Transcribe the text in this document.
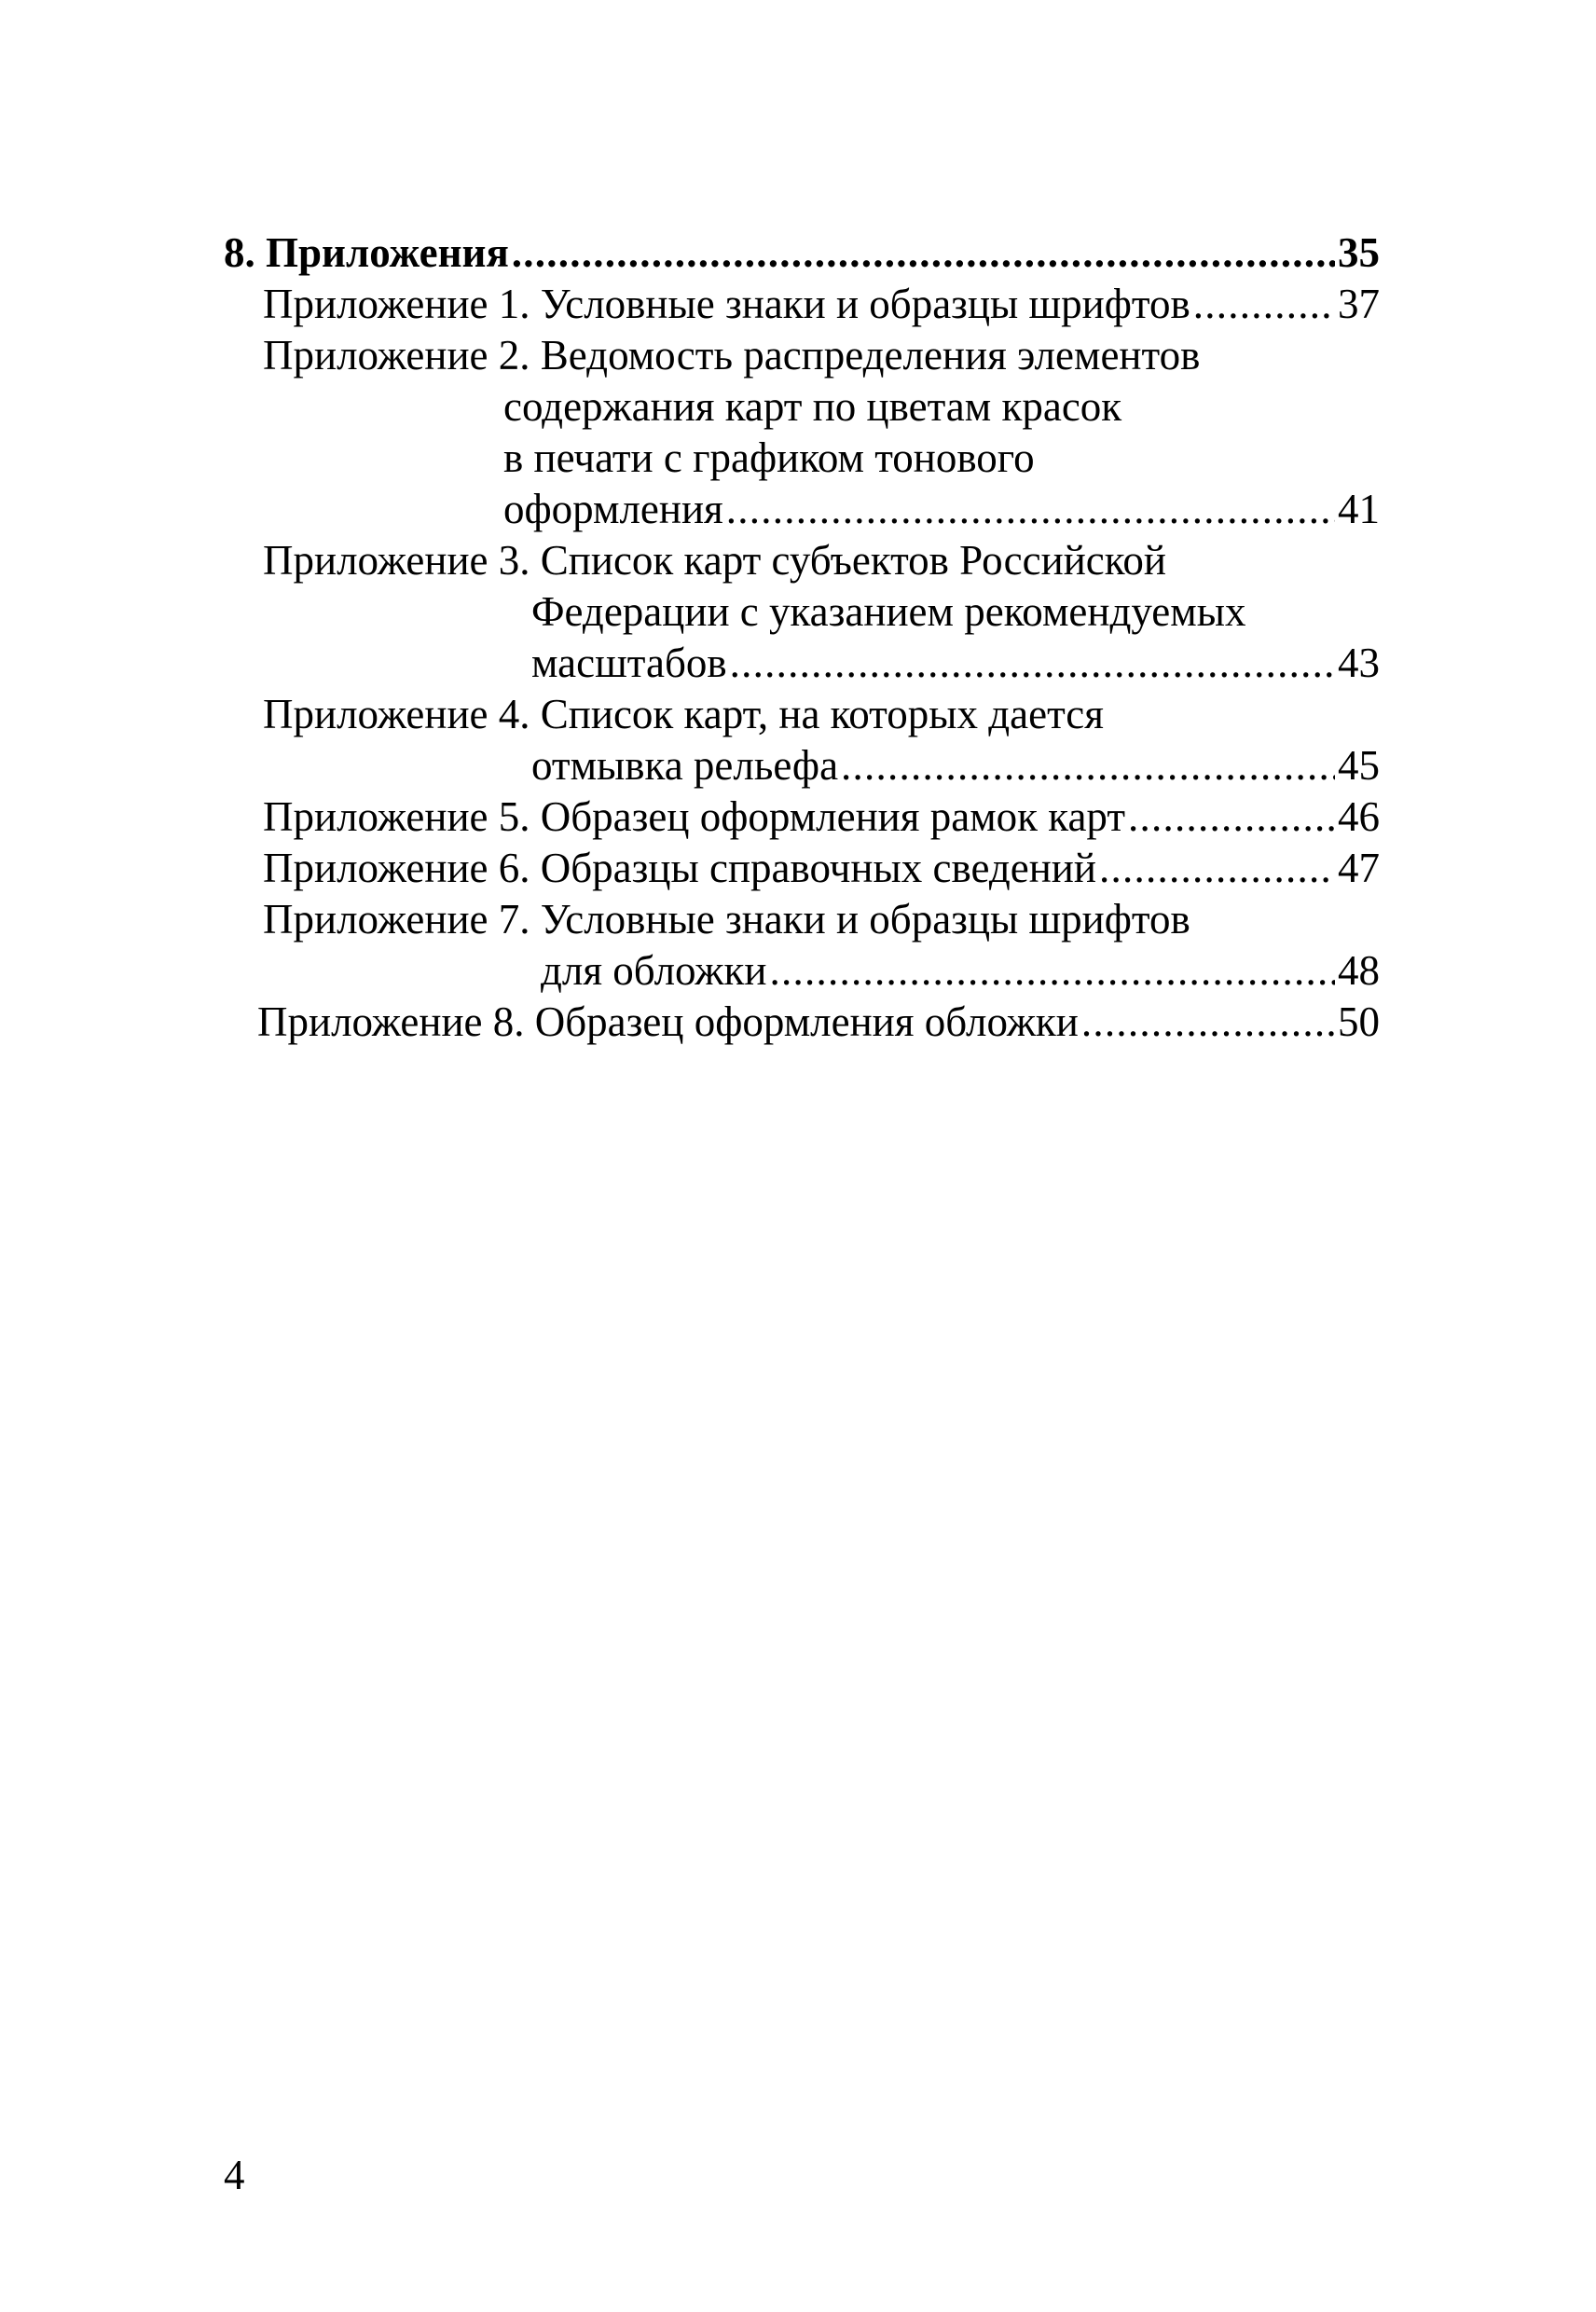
8. Приложения . . .	35
Приложение 1. Условные знаки и образцы шрифтов . . .	37
Приложение 2. Ведомость распределения элементов
содержания карт по цветам красок
в печати с графиком тонового
оформления . . .	41
Приложение 3. Список карт субъектов Российской
Федерации с указанием рекомендуемых
масштабов . . .	43
Приложение 4. Список карт, на которых дается
отмывка рельефа . . .	45
Приложение 5. Образец оформления рамок карт . . .	46
Приложение 6. Образцы справочных сведений . . .	47
Приложение 7. Условные знаки и образцы шрифтов
для обложки . . .	48
Приложение 8. Образец оформления обложки . . .	50
4
